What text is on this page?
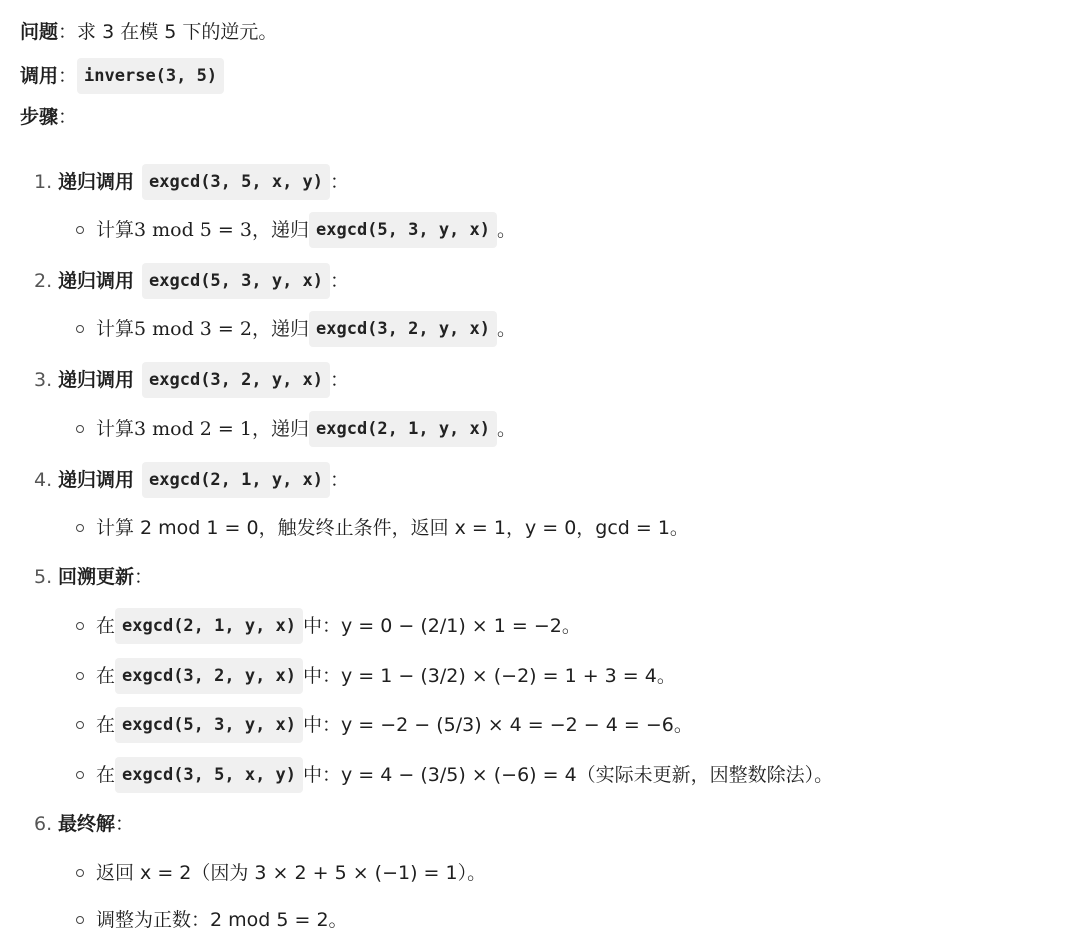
问题 ： 求 3 在模 5 下的逆元。
调用 ： inverse(3, 5)
步骤 ：
1. 递归调用 exgcd(3, 5, x, y) ：
计算 3 mod 5 = 3 ，递归 exgcd(5, 3, y, x) 。
2. 递归调用 exgcd(5, 3, y, x) ：
计算 5 mod 3 = 2 ，递归 exgcd(3, 2, y, x) 。
3. 递归调用 exgcd(3, 2, y, x) ：
计算 3 mod 2 = 1 ，递归 exgcd(2, 1, y, x) 。
4. 递归调用 exgcd(2, 1, y, x) ：
计算 2 mod 1 = 0，触发终止条件，返回 x = 1，y = 0，gcd = 1。
5. 回溯更新 ：
在 exgcd(2, 1, y, x) 中：y = 0 − (2/1) × 1 = −2。
在 exgcd(3, 2, y, x) 中：y = 1 − (3/2) × (−2) = 1 + 3 = 4。
在 exgcd(5, 3, y, x) 中：y = −2 − (5/3) × 4 = −2 − 4 = −6。
在 exgcd(3, 5, x, y) 中：y = 4 − (3/5) × (−6) = 4（实际未更新，因整数除法）。
6. 最终解 ：
返回 x = 2（因为 3 × 2 + 5 × (−1) = 1）。
调整为正数：2 mod 5 = 2。
